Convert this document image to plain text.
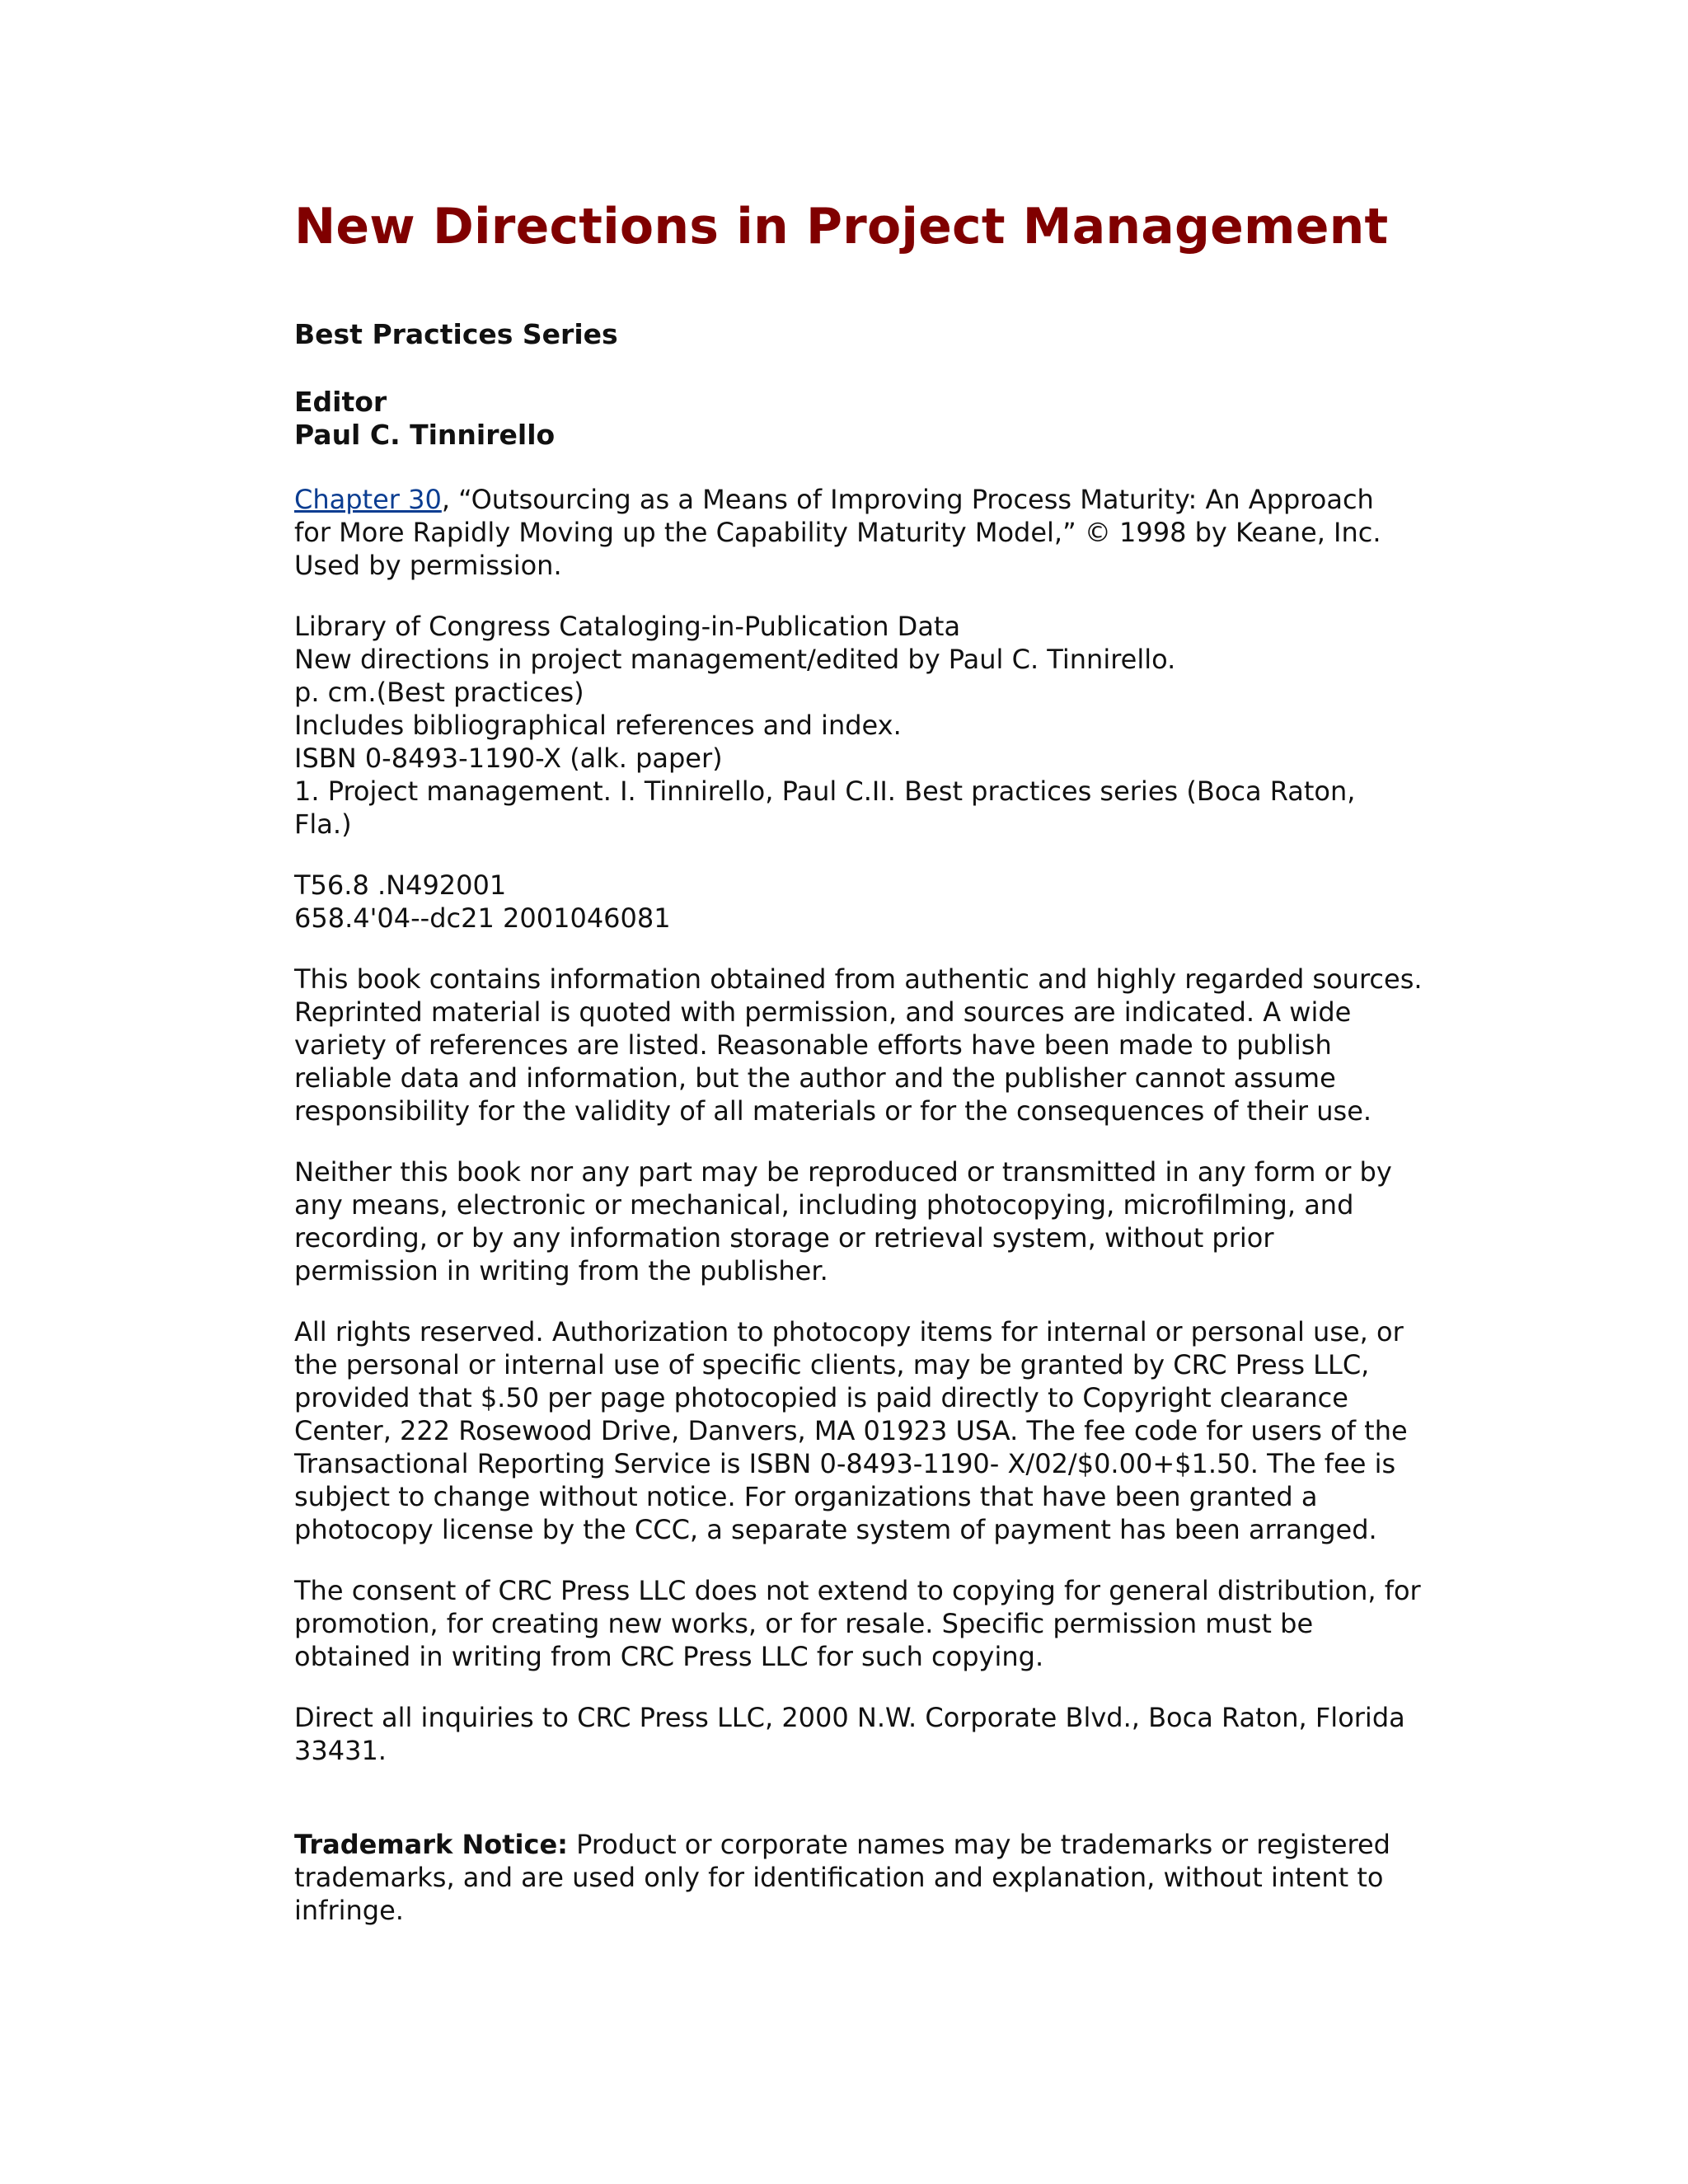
New Directions in Project Management

Best Practices Series

Editor

Paul C. Tinnirello

Chapter 30, “Outsourcing as a Means of Improving Process Maturity: An Approach
for More Rapidly Moving up the Capability Maturity Model,” © 1998 by Keane, Inc.
Used by permission.

Library of Congress Cataloging-in-Publication Data
New directions in project management/edited by Paul C. Tinnirello.
p. cm.(Best practices)
Includes bibliographical references and index.
ISBN 0-8493-1190-X (alk. paper)
1. Project management. I. Tinnirello, Paul C.II. Best practices series (Boca Raton,
Fla.)

T56.8 .N492001
658.4'04--dc21 2001046081

This book contains information obtained from authentic and highly regarded sources.
Reprinted material is quoted with permission, and sources are indicated. A wide
variety of references are listed. Reasonable efforts have been made to publish
reliable data and information, but the author and the publisher cannot assume
responsibility for the validity of all materials or for the consequences of their use.

Neither this book nor any part may be reproduced or transmitted in any form or by
any means, electronic or mechanical, including photocopying, microfilming, and
recording, or by any information storage or retrieval system, without prior
permission in writing from the publisher.

All rights reserved. Authorization to photocopy items for internal or personal use, or
the personal or internal use of specific clients, may be granted by CRC Press LLC,
provided that $.50 per page photocopied is paid directly to Copyright clearance
Center, 222 Rosewood Drive, Danvers, MA 01923 USA. The fee code for users of the
Transactional Reporting Service is ISBN 0-8493-1190- X/02/$0.00+$1.50. The fee is
subject to change without notice. For organizations that have been granted a
photocopy license by the CCC, a separate system of payment has been arranged.

The consent of CRC Press LLC does not extend to copying for general distribution, for
promotion, for creating new works, or for resale. Specific permission must be
obtained in writing from CRC Press LLC for such copying.

Direct all inquiries to CRC Press LLC, 2000 N.W. Corporate Blvd., Boca Raton, Florida
33431.

Trademark Notice: Product or corporate names may be trademarks or registered
trademarks, and are used only for identification and explanation, without intent to
infringe.
